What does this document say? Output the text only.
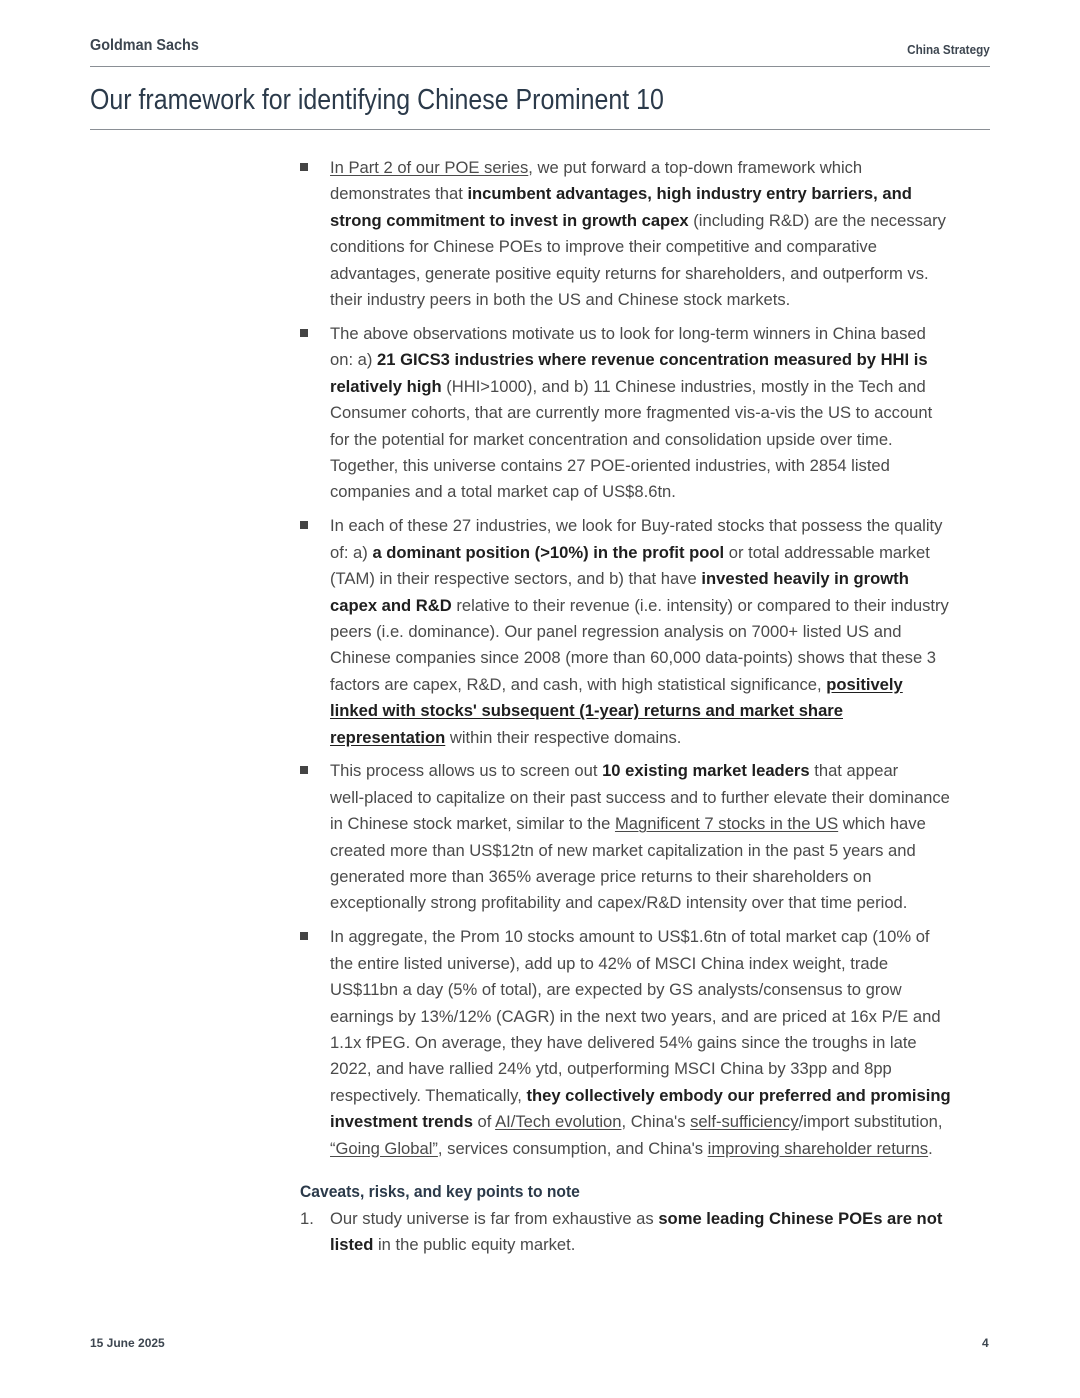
Goldman Sachs	China Strategy
Our framework for identifying Chinese Prominent 10
In Part 2 of our POE series, we put forward a top-down framework which
demonstrates that incumbent advantages, high industry entry barriers, and
strong commitment to invest in growth capex (including R&D) are the necessary
conditions for Chinese POEs to improve their competitive and comparative
advantages, generate positive equity returns for shareholders, and outperform vs.
their industry peers in both the US and Chinese stock markets.
The above observations motivate us to look for long-term winners in China based
on: a) 21 GICS3 industries where revenue concentration measured by HHI is
relatively high (HHI>1000), and b) 11 Chinese industries, mostly in the Tech and
Consumer cohorts, that are currently more fragmented vis-a-vis the US to account
for the potential for market concentration and consolidation upside over time.
Together, this universe contains 27 POE-oriented industries, with 2854 listed
companies and a total market cap of US$8.6tn.
In each of these 27 industries, we look for Buy-rated stocks that possess the quality
of: a) a dominant position (>10%) in the profit pool or total addressable market
(TAM) in their respective sectors, and b) that have invested heavily in growth
capex and R&D relative to their revenue (i.e. intensity) or compared to their industry
peers (i.e. dominance). Our panel regression analysis on 7000+ listed US and
Chinese companies since 2008 (more than 60,000 data-points) shows that these 3
factors are capex, R&D, and cash, with high statistical significance, positively
linked with stocks' subsequent (1-year) returns and market share
representation within their respective domains.
This process allows us to screen out 10 existing market leaders that appear
well-placed to capitalize on their past success and to further elevate their dominance
in Chinese stock market, similar to the Magnificent 7 stocks in the US which have
created more than US$12tn of new market capitalization in the past 5 years and
generated more than 365% average price returns to their shareholders on
exceptionally strong profitability and capex/R&D intensity over that time period.
In aggregate, the Prom 10 stocks amount to US$1.6tn of total market cap (10% of
the entire listed universe), add up to 42% of MSCI China index weight, trade
US$11bn a day (5% of total), are expected by GS analysts/consensus to grow
earnings by 13%/12% (CAGR) in the next two years, and are priced at 16x P/E and
1.1x fPEG. On average, they have delivered 54% gains since the troughs in late
2022, and have rallied 24% ytd, outperforming MSCI China by 33pp and 8pp
respectively. Thematically, they collectively embody our preferred and promising
investment trends of AI/Tech evolution, China's self-sufficiency/import substitution,
“Going Global”, services consumption, and China's improving shareholder returns.
Caveats, risks, and key points to note
1. Our study universe is far from exhaustive as some leading Chinese POEs are not
listed in the public equity market.
15 June 2025	4
